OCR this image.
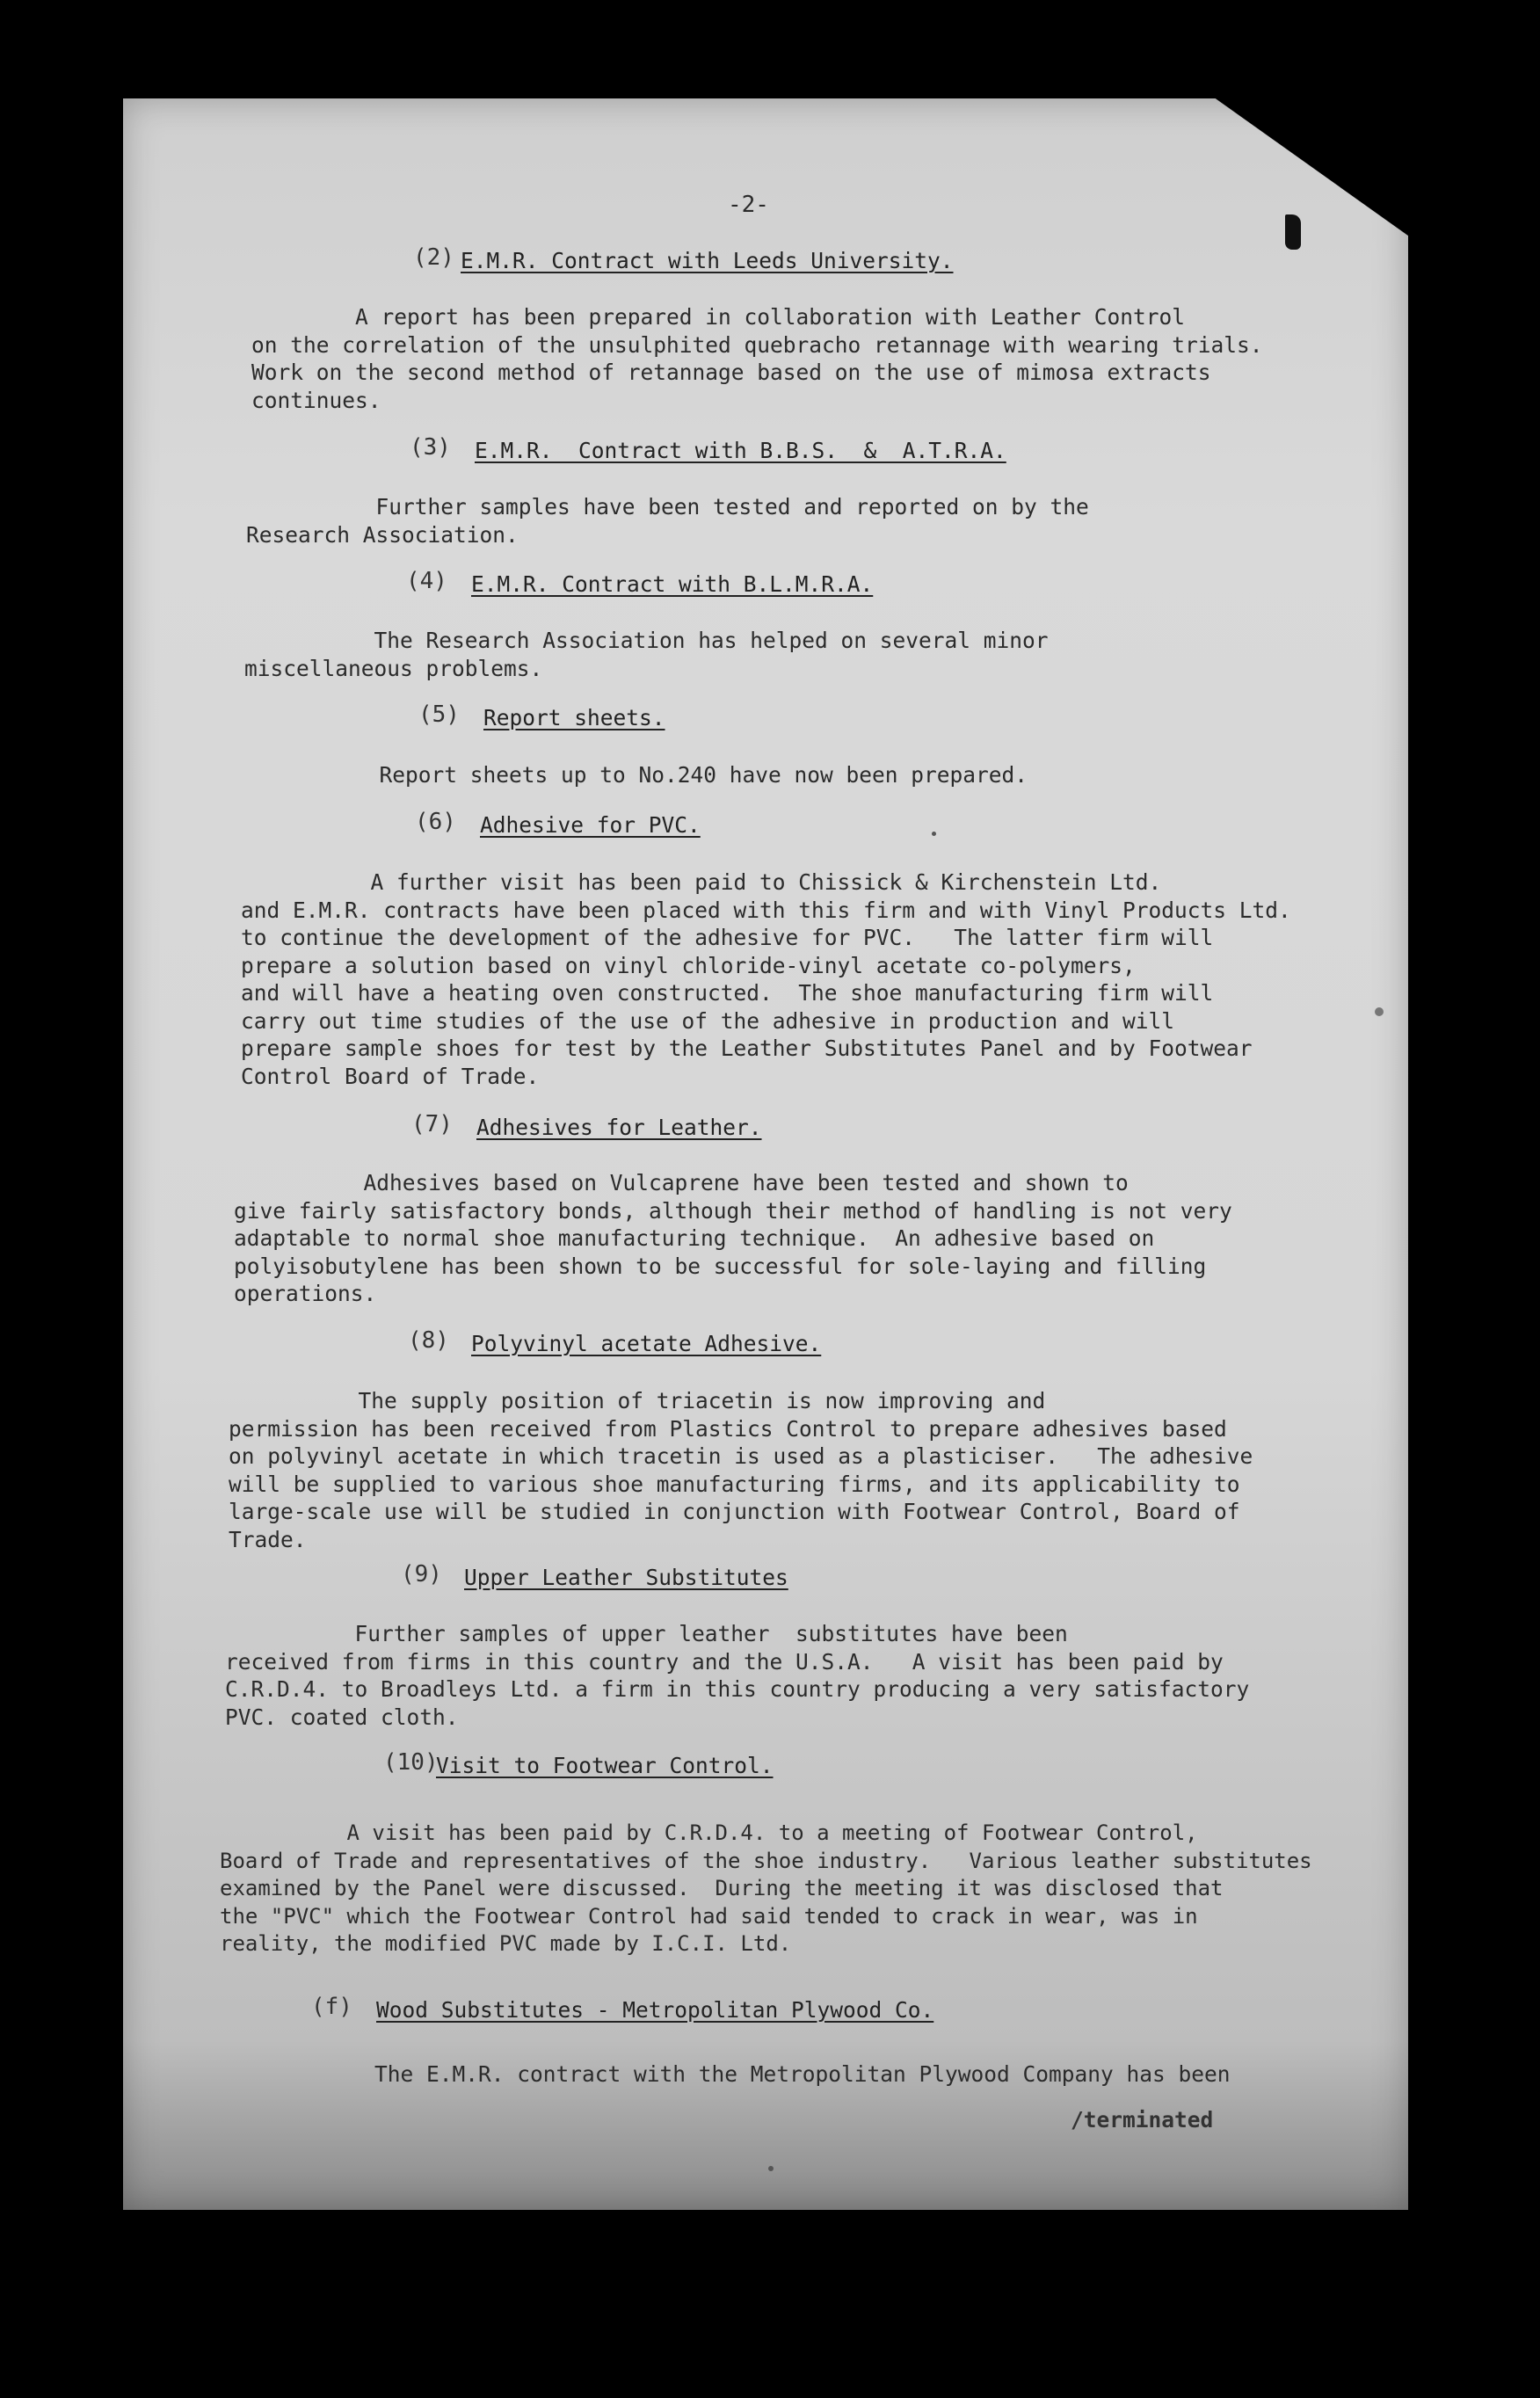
-2-
(2) E.M.R. Contract with Leeds University.
A report has been prepared in collaboration with Leather Control
on the correlation of the unsulphited quebracho retannage with wearing trials.
Work on the second method of retannage based on the use of mimosa extracts
continues.
(3) E.M.R.  Contract with B.B.S.  &  A.T.R.A.
Further samples have been tested and reported on by the
Research Association.
(4) E.M.R. Contract with B.L.M.R.A.
The Research Association has helped on several minor
miscellaneous problems.
(5) Report sheets.
Report sheets up to No.240 have now been prepared.
(6) Adhesive for PVC.
A further visit has been paid to Chissick & Kirchenstein Ltd.
and E.M.R. contracts have been placed with this firm and with Vinyl Products Ltd.
to continue the development of the adhesive for PVC.   The latter firm will
prepare a solution based on vinyl chloride-vinyl acetate co-polymers,
and will have a heating oven constructed.  The shoe manufacturing firm will
carry out time studies of the use of the adhesive in production and will
prepare sample shoes for test by the Leather Substitutes Panel and by Footwear
Control Board of Trade.
(7) Adhesives for Leather.
Adhesives based on Vulcaprene have been tested and shown to
give fairly satisfactory bonds, although their method of handling is not very
adaptable to normal shoe manufacturing technique.  An adhesive based on
polyisobutylene has been shown to be successful for sole-laying and filling
operations.
(8) Polyvinyl acetate Adhesive.
The supply position of triacetin is now improving and
permission has been received from Plastics Control to prepare adhesives based
on polyvinyl acetate in which tracetin is used as a plasticiser.   The adhesive
will be supplied to various shoe manufacturing firms, and its applicability to
large-scale use will be studied in conjunction with Footwear Control, Board of
Trade.
(9) Upper Leather Substitutes
Further samples of upper leather  substitutes have been
received from firms in this country and the U.S.A.   A visit has been paid by
C.R.D.4. to Broadleys Ltd. a firm in this country producing a very satisfactory
PVC. coated cloth.
(10)
Visit to Footwear Control.
A visit has been paid by C.R.D.4. to a meeting of Footwear Control,
Board of Trade and representatives of the shoe industry.   Various leather substitutes
examined by the Panel were discussed.  During the meeting it was disclosed that
the "PVC" which the Footwear Control had said tended to crack in wear, was in
reality, the modified PVC made by I.C.I. Ltd.
(f) Wood Substitutes - Metropolitan Plywood Co.
The E.M.R. contract with the Metropolitan Plywood Company has been
/terminated
